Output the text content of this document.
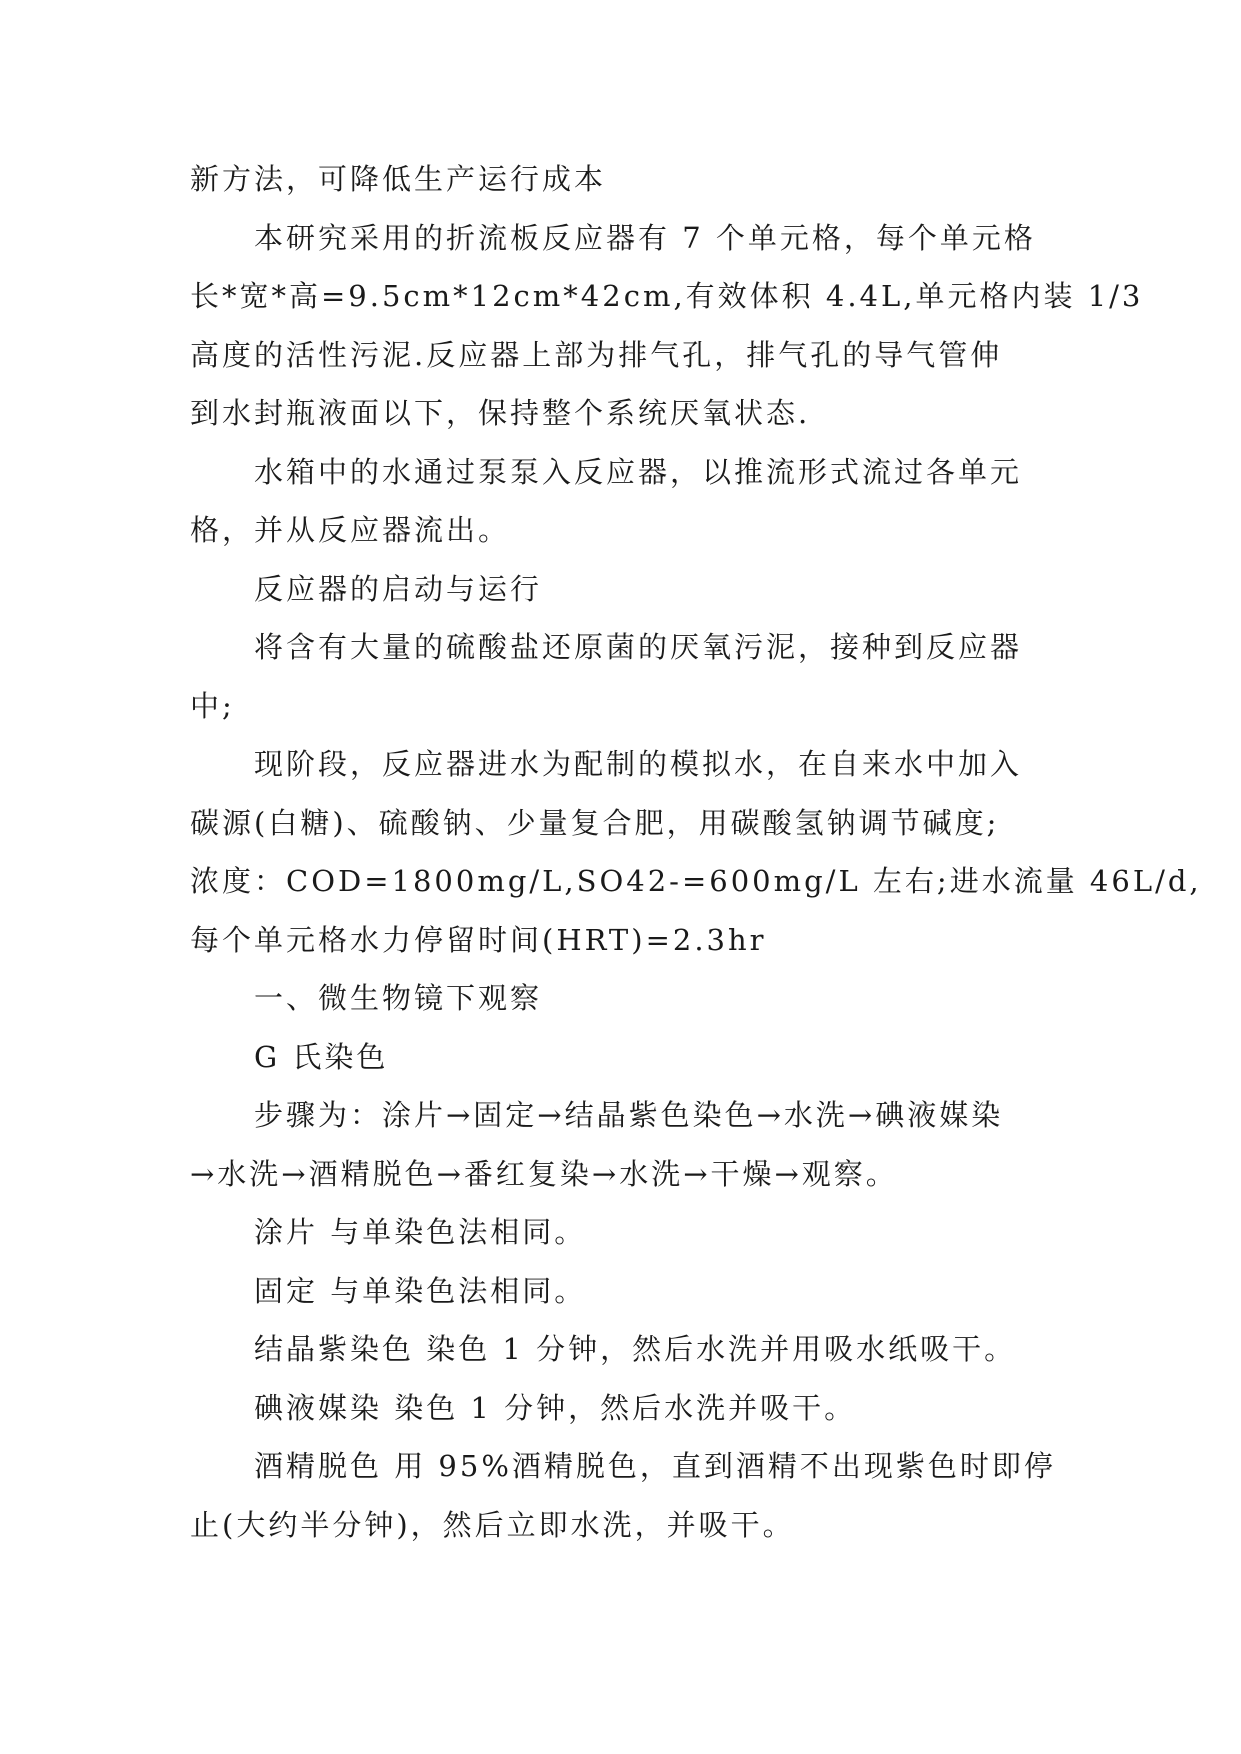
新方法，可降低生产运行成本
本研究采用的折流板反应器有 7 个单元格，每个单元格
长*宽*高=9.5cm*12cm*42cm,有效体积 4.4L,单元格内装 1/3
高度的活性污泥.反应器上部为排气孔，排气孔的导气管伸
到水封瓶液面以下，保持整个系统厌氧状态.
水箱中的水通过泵泵入反应器，以推流形式流过各单元
格，并从反应器流出。
反应器的启动与运行
将含有大量的硫酸盐还原菌的厌氧污泥，接种到反应器
中;
现阶段，反应器进水为配制的模拟水，在自来水中加入
碳源(白糖)、硫酸钠、少量复合肥，用碳酸氢钠调节碱度;
浓度：COD=1800mg/L,SO42-=600mg/L 左右;进水流量 46L/d,
每个单元格水力停留时间(HRT)=2.3hr
一、微生物镜下观察
G 氏染色
步骤为：涂片→固定→结晶紫色染色→水洗→碘液媒染
→水洗→酒精脱色→番红复染→水洗→干燥→观察。
涂片 与单染色法相同。
固定 与单染色法相同。
结晶紫染色 染色 1 分钟，然后水洗并用吸水纸吸干。
碘液媒染 染色 1 分钟，然后水洗并吸干。
酒精脱色 用 95%酒精脱色，直到酒精不出现紫色时即停
止(大约半分钟)，然后立即水洗，并吸干。
